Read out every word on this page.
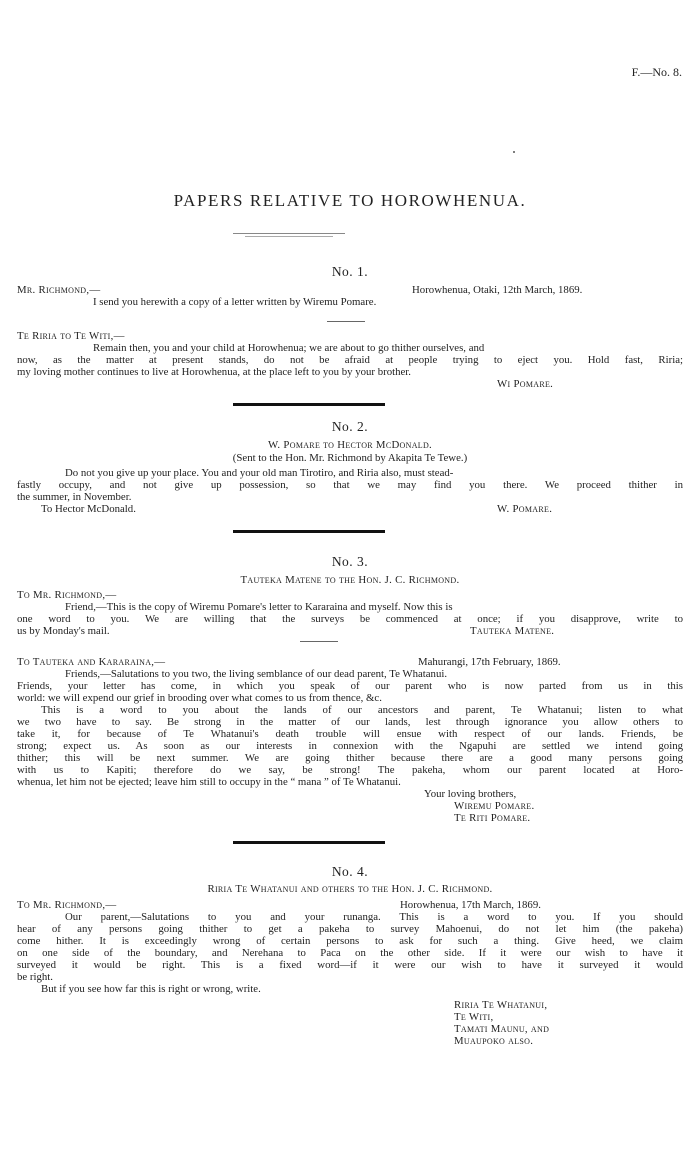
F.—No. 8.
PAPERS RELATIVE TO HOROWHENUA.
No. 1.
Mr. Richmond,—	Horowhenua, Otaki, 12th March, 1869.
I send you herewith a copy of a letter written by Wiremu Pomare.
Te Riria to Te Witi,—
Remain then, you and your child at Horowhenua; we are about to go thither ourselves, and
now, as the matter at present stands, do not be afraid at people trying to eject you. Hold fast, Riria;
my loving mother continues to live at Horowhenua, at the place left to you by your brother.
Wi Pomare.
No. 2.
W. Pomare to Hector McDonald.
(Sent to the Hon. Mr. Richmond by Akapita Te Tewe.)
Do not you give up your place. You and your old man Tirotiro, and Riria also, must stead-
fastly occupy, and not give up possession, so that we may find you there. We proceed thither in
the summer, in November.
To Hector McDonald.	W. Pomare.
No. 3.
Tauteka Matene to the Hon. J. C. Richmond.
To Mr. Richmond,—
Friend,—This is the copy of Wiremu Pomare's letter to Kararaina and myself. Now this is
one word to you. We are willing that the surveys be commenced at once; if you disapprove, write to
us by Monday's mail.	Tauteka Matene.
To Tauteka and Kararaina,—	Mahurangi, 17th February, 1869.
Friends,—Salutations to you two, the living semblance of our dead parent, Te Whatanui.
Friends, your letter has come, in which you speak of our parent who is now parted from us in this
world: we will expend our grief in brooding over what comes to us from thence, &c.
This is a word to you about the lands of our ancestors and parent, Te Whatanui; listen to what
we two have to say. Be strong in the matter of our lands, lest through ignorance you allow others to
take it, for because of Te Whatanui's death trouble will ensue with respect of our lands. Friends, be
strong; expect us. As soon as our interests in connexion with the Ngapuhi are settled we intend going
thither; this will be next summer. We are going thither because there are a good many persons going
with us to Kapiti; therefore do we say, be strong! The pakeha, whom our parent located at Horo-
whenua, let him not be ejected; leave him still to occupy in the “ mana ” of Te Whatanui.
Your loving brothers,
Wiremu Pomare.
Te Riti Pomare.
No. 4.
Riria Te Whatanui and others to the Hon. J. C. Richmond.
To Mr. Richmond,—	Horowhenua, 17th March, 1869.
Our parent,—Salutations to you and your runanga. This is a word to you. If you should
hear of any persons going thither to get a pakeha to survey Mahoenui, do not let him (the pakeha)
come hither. It is exceedingly wrong of certain persons to ask for such a thing. Give heed, we claim
on one side of the boundary, and Nerehana to Paca on the other side. If it were our wish to have it
surveyed it would be right. This is a fixed word—if it were our wish to have it surveyed it would
be right.
But if you see how far this is right or wrong, write.
Riria Te Whatanui,
Te Witi,
Tamati Maunu, and
Muaupoko also.
